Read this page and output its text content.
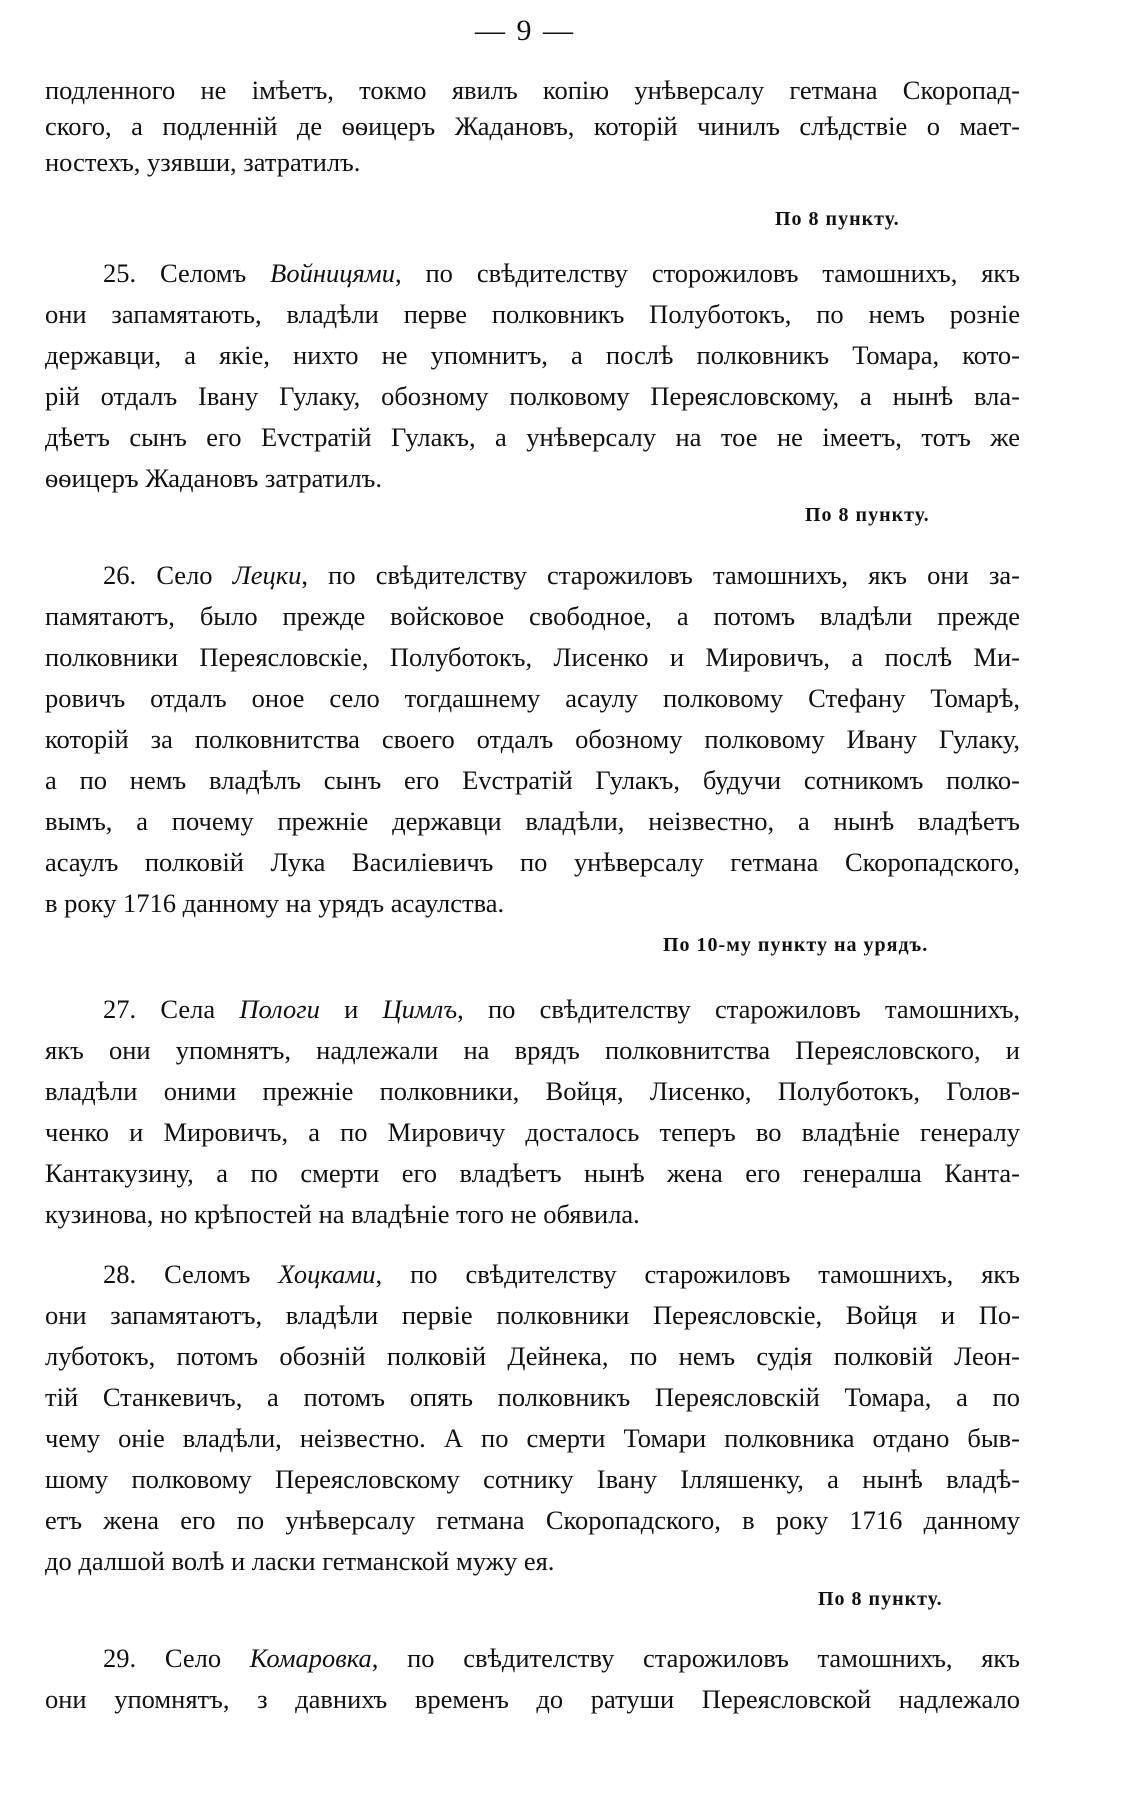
— 9 —
подленного не імѣетъ, токмо явилъ копію унѣверсалу гетмана Скоропад-
ского, а подленній де ѳѳицеръ Жадановъ, которій чинилъ слѣдствіе о мает-
ностехъ, узявши, затратилъ.
По 8 пункту.
25. Селомъ Войницями, по свѣдителству сторожиловъ тамошнихъ, якъ
они запамятають, владѣли перве полковникъ Полуботокъ, по немъ розніе
державци, а якіе, нихто не упомнитъ, а послѣ полковникъ Томара, кото-
рій отдалъ Івану Гулаку, обозному полковому Переясловскому, а нынѣ вла-
дѣетъ сынъ его Еvстратій Гулакъ, а унѣверсалу на тое не імеетъ, тотъ же
ѳѳицеръ Жадановъ затратилъ.
По 8 пункту.
26. Село Лецки, по свѣдителству старожиловъ тамошнихъ, якъ они за-
памятаютъ, было прежде войсковое свободное, а потомъ владѣли прежде
полковники Переясловскіе, Полуботокъ, Лисенко и Мировичъ, а послѣ Ми-
ровичъ отдалъ оное село тогдашнему асаулу полковому Стефану Томарѣ,
которій за полковнитства своего отдалъ обозному полковому Ивану Гулаку,
а по немъ владѣлъ сынъ его Еvстратій Гулакъ, будучи сотникомъ полко-
вымъ, а почему прежніе державци владѣли, неізвестно, а нынѣ владѣетъ
асаулъ полковій Лука Василіевичъ по унѣверсалу гетмана Скоропадского,
в року 1716 данному на урядъ асаулства.
По 10-му пункту на урядъ.
27. Села Пологи и Цимлъ, по свѣдителству старожиловъ тамошнихъ,
якъ они упомнятъ, надлежали на врядъ полковнитства Переясловского, и
владѣли оними прежніе полковники, Войця, Лисенко, Полуботокъ, Голов-
ченко и Мировичъ, а по Мировичу досталось теперъ во владѣніе генералу
Кантакузину, а по смерти его владѣетъ нынѣ жена его генералша Канта-
кузинова, но крѣпостей на владѣніе того не обявила.
28. Селомъ Хоцками, по свѣдителству старожиловъ тамошнихъ, якъ
они запамятаютъ, владѣли первіе полковники Переясловскіе, Войця и По-
луботокъ, потомъ обозній полковій Дейнека, по немъ судія полковій Леон-
тій Станкевичъ, а потомъ опять полковникъ Переясловскій Томара, а по
чему оніе владѣли, неізвестно. А по смерти Томари полковника отдано быв-
шому полковому Переясловскому сотнику Івану Ілляшенку, а нынѣ владѣ-
етъ жена его по унѣверсалу гетмана Скоропадского, в року 1716 данному
до далшой волѣ и ласки гетманской мужу ея.
По 8 пункту.
29. Село Комаровка, по свѣдителству старожиловъ тамошнихъ, якъ
они упомнятъ, з давнихъ временъ до ратуши Переясловской надлежало
